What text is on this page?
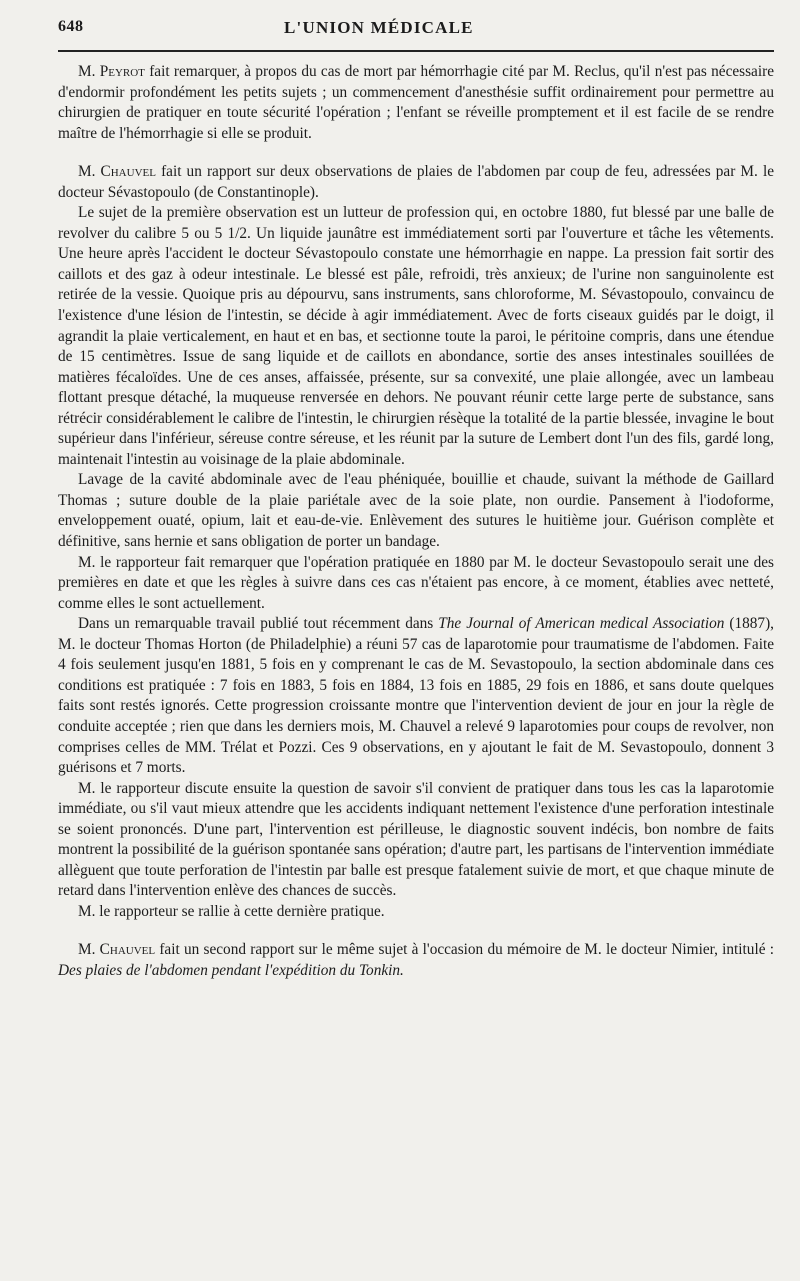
648	L'UNION MÉDICALE

M. Peyrot fait remarquer, à propos du cas de mort par hémorrhagie cité par M. Reclus, qu'il n'est pas nécessaire d'endormir profondément les petits sujets ; un commencement d'anesthésie suffit ordinairement pour permettre au chirurgien de pratiquer en toute sécurité l'opération ; l'enfant se réveille promptement et il est facile de se rendre maître de l'hémorrhagie si elle se produit.

M. Chauvel fait un rapport sur deux observations de plaies de l'abdomen par coup de feu, adressées par M. le docteur Sévastopoulo (de Constantinople).

Le sujet de la première observation est un lutteur de profession qui, en octobre 1880, fut blessé par une balle de revolver du calibre 5 ou 5 1/2. Un liquide jaunâtre est immédiatement sorti par l'ouverture et tâche les vêtements. Une heure après l'accident le docteur Sévastopoulo constate une hémorrhagie en nappe. La pression fait sortir des caillots et des gaz à odeur intestinale. Le blessé est pâle, refroidi, très anxieux; de l'urine non sanguinolente est retirée de la vessie. Quoique pris au dépourvu, sans instruments, sans chloroforme, M. Sévastopoulo, convaincu de l'existence d'une lésion de l'intestin, se décide à agir immédiatement. Avec de forts ciseaux guidés par le doigt, il agrandit la plaie verticalement, en haut et en bas, et sectionne toute la paroi, le péritoine compris, dans une étendue de 15 centimètres. Issue de sang liquide et de caillots en abondance, sortie des anses intestinales souillées de matières fécaloïdes. Une de ces anses, affaissée, présente, sur sa convexité, une plaie allongée, avec un lambeau flottant presque détaché, la muqueuse renversée en dehors. Ne pouvant réunir cette large perte de substance, sans rétrécir considérablement le calibre de l'intestin, le chirurgien résèque la totalité de la partie blessée, invagine le bout supérieur dans l'inférieur, séreuse contre séreuse, et les réunit par la suture de Lembert dont l'un des fils, gardé long, maintenait l'intestin au voisinage de la plaie abdominale.

Lavage de la cavité abdominale avec de l'eau phéniquée, bouillie et chaude, suivant la méthode de Gaillard Thomas ; suture double de la plaie pariétale avec de la soie plate, non ourdie. Pansement à l'iodoforme, enveloppement ouaté, opium, lait et eau-de-vie. Enlèvement des sutures le huitième jour. Guérison complète et définitive, sans hernie et sans obligation de porter un bandage.

M. le rapporteur fait remarquer que l'opération pratiquée en 1880 par M. le docteur Sevastopoulo serait une des premières en date et que les règles à suivre dans ces cas n'étaient pas encore, à ce moment, établies avec netteté, comme elles le sont actuellement.

Dans un remarquable travail publié tout récemment dans The Journal of American medical Association (1887), M. le docteur Thomas Horton (de Philadelphie) a réuni 57 cas de laparotomie pour traumatisme de l'abdomen. Faite 4 fois seulement jusqu'en 1881, 5 fois en y comprenant le cas de M. Sevastopoulo, la section abdominale dans ces conditions est pratiquée : 7 fois en 1883, 5 fois en 1884, 13 fois en 1885, 29 fois en 1886, et sans doute quelques faits sont restés ignorés. Cette progression croissante montre que l'intervention devient de jour en jour la règle de conduite acceptée ; rien que dans les derniers mois, M. Chauvel a relevé 9 laparotomies pour coups de revolver, non comprises celles de MM. Trélat et Pozzi. Ces 9 observations, en y ajoutant le fait de M. Sevastopoulo, donnent 3 guérisons et 7 morts.

M. le rapporteur discute ensuite la question de savoir s'il convient de pratiquer dans tous les cas la laparotomie immédiate, ou s'il vaut mieux attendre que les accidents indiquant nettement l'existence d'une perforation intestinale se soient prononcés. D'une part, l'intervention est périlleuse, le diagnostic souvent indécis, bon nombre de faits montrent la possibilité de la guérison spontanée sans opération; d'autre part, les partisans de l'intervention immédiate allèguent que toute perforation de l'intestin par balle est presque fatalement suivie de mort, et que chaque minute de retard dans l'intervention enlève des chances de succès.

M. le rapporteur se rallie à cette dernière pratique.

M. Chauvel fait un second rapport sur le même sujet à l'occasion du mémoire de M. le docteur Nimier, intitulé : Des plaies de l'abdomen pendant l'expédition du Tonkin.
